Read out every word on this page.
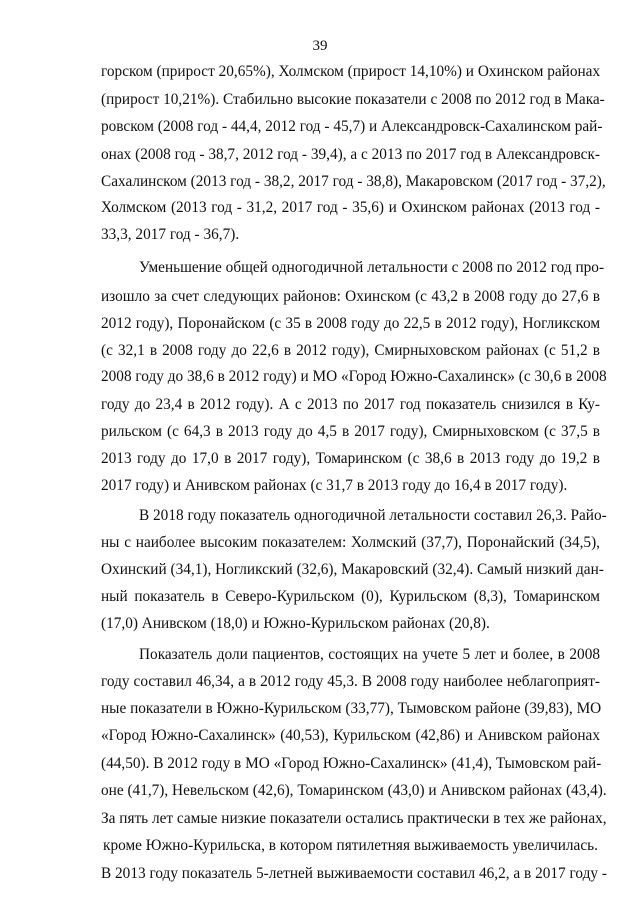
39
горском (прирост 20,65%), Холмском (прирост 14,10%) и Охинском районах
(прирост 10,21%). Стабильно высокие показатели с 2008 по 2012 год в Мака-
ровском (2008 год - 44,4, 2012 год - 45,7) и Александровск-Сахалинском рай-
онах (2008 год - 38,7, 2012 год - 39,4), а с 2013 по 2017 год в Александровск-
Сахалинском (2013 год - 38,2, 2017 год - 38,8), Макаровском (2017 год - 37,2),
Холмском (2013 год - 31,2, 2017 год - 35,6) и Охинском районах (2013 год -
33,3, 2017 год - 36,7).
Уменьшение общей одногодичной летальности с 2008 по 2012 год про-
изошло за счет следующих районов: Охинском (с 43,2 в 2008 году до 27,6 в
2012 году), Поронайском (с 35 в 2008 году до 22,5 в 2012 году), Ногликском
(с 32,1 в 2008 году до 22,6 в 2012 году), Смирныховском районах (с 51,2 в
2008 году до 38,6 в 2012 году) и МО «Город Южно-Сахалинск» (с 30,6 в 2008
году до 23,4 в 2012 году). А с 2013 по 2017 год показатель снизился в Ку-
рильском (с 64,3 в 2013 году до 4,5 в 2017 году), Смирныховском (с 37,5 в
2013 году до 17,0 в 2017 году), Томаринском (с 38,6 в 2013 году до 19,2 в
2017 году) и Анивском районах (с 31,7 в 2013 году до 16,4 в 2017 году).
В 2018 году показатель одногодичной летальности составил 26,3. Райо-
ны с наиболее высоким показателем: Холмский (37,7), Поронайский (34,5),
Охинский (34,1), Ногликский (32,6), Макаровский (32,4). Самый низкий дан-
ный показатель в Северо-Курильском (0), Курильском (8,3), Томаринском
(17,0) Анивском (18,0) и Южно-Курильском районах (20,8).
Показатель доли пациентов, состоящих на учете 5 лет и более, в 2008
году составил 46,34, а в 2012 году 45,3. В 2008 году наиболее неблагоприят-
ные показатели в Южно-Курильском (33,77), Тымовском районе (39,83), МО
«Город Южно-Сахалинск» (40,53), Курильском (42,86) и Анивском районах
(44,50). В 2012 году в МО «Город Южно-Сахалинск» (41,4), Тымовском рай-
оне (41,7), Невельском (42,6), Томаринском (43,0) и Анивском районах (43,4).
За пять лет самые низкие показатели остались практически в тех же районах,
кроме Южно-Курильска, в котором пятилетняя выживаемость увеличилась.
В 2013 году показатель 5-летней выживаемости составил 46,2, а в 2017 году -
